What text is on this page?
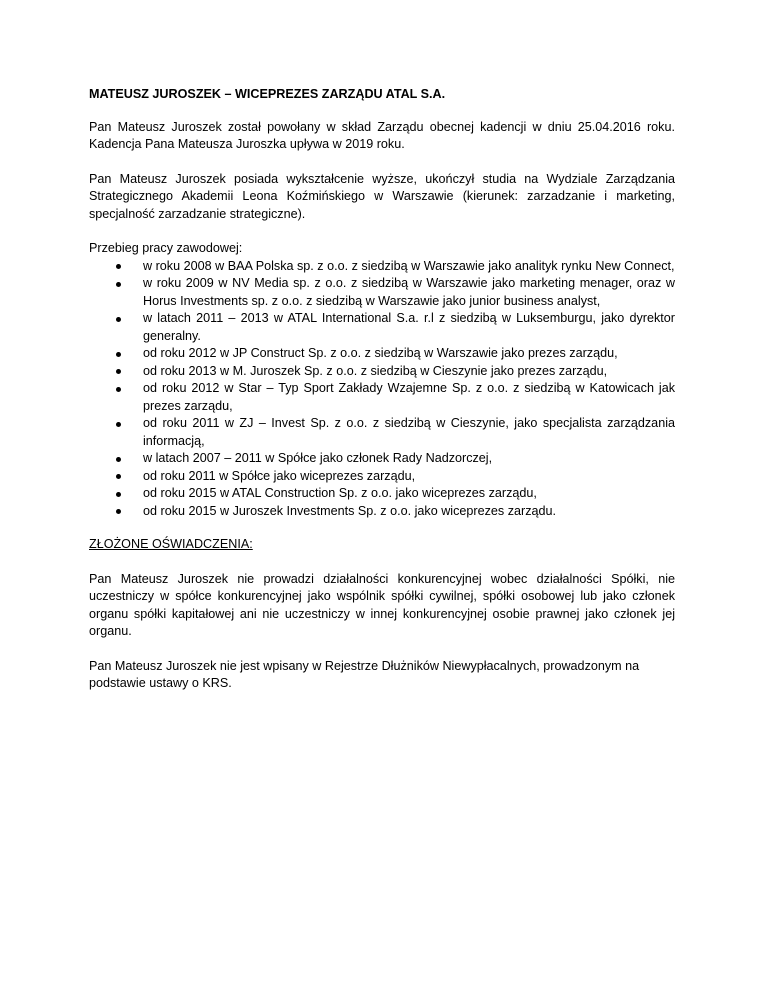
MATEUSZ JUROSZEK – WICEPREZES ZARZĄDU ATAL S.A.

Pan Mateusz Juroszek został powołany w skład Zarządu obecnej kadencji w dniu 25.04.2016 roku. Kadencja Pana Mateusza Juroszka upływa w 2019 roku.

Pan Mateusz Juroszek posiada wykształcenie wyższe, ukończył studia na Wydziale Zarządzania Strategicznego Akademii Leona Koźmińskiego w Warszawie (kierunek: zarzadzanie i marketing, specjalność zarzadzanie strategiczne).

Przebieg pracy zawodowej:
w roku 2008 w BAA Polska sp. z o.o. z siedzibą w Warszawie jako analityk rynku New Connect,
w roku 2009 w NV Media sp. z o.o. z siedzibą w Warszawie jako marketing menager, oraz w Horus Investments sp. z o.o. z siedzibą w Warszawie jako junior business analyst,
w latach 2011 – 2013 w ATAL International S.a. r.l z siedzibą w Luksemburgu, jako dyrektor generalny.
od roku 2012 w JP Construct Sp. z o.o. z siedzibą w Warszawie jako prezes zarządu,
od roku 2013 w M. Juroszek Sp. z o.o. z siedzibą w Cieszynie jako prezes zarządu,
od roku 2012 w Star – Typ Sport Zakłady Wzajemne Sp. z o.o. z siedzibą w Katowicach jak prezes zarządu,
od roku 2011 w ZJ – Invest Sp. z o.o. z siedzibą w Cieszynie, jako specjalista zarządzania informacją,
w latach 2007 – 2011 w Spółce jako członek Rady Nadzorczej,
od roku 2011 w Spółce jako wiceprezes zarządu,
od roku 2015 w ATAL Construction Sp. z o.o. jako wiceprezes zarządu,
od roku 2015 w Juroszek Investments Sp. z o.o. jako wiceprezes zarządu.
ZŁOŻONE OŚWIADCZENIA:

Pan Mateusz Juroszek nie prowadzi działalności konkurencyjnej wobec działalności Spółki, nie uczestniczy w spółce konkurencyjnej jako wspólnik spółki cywilnej, spółki osobowej lub jako członek organu spółki kapitałowej ani nie uczestniczy w innej konkurencyjnej osobie prawnej jako członek jej organu.

Pan Mateusz Juroszek nie jest wpisany w Rejestrze Dłużników Niewypłacalnych, prowadzonym na podstawie ustawy o KRS.
